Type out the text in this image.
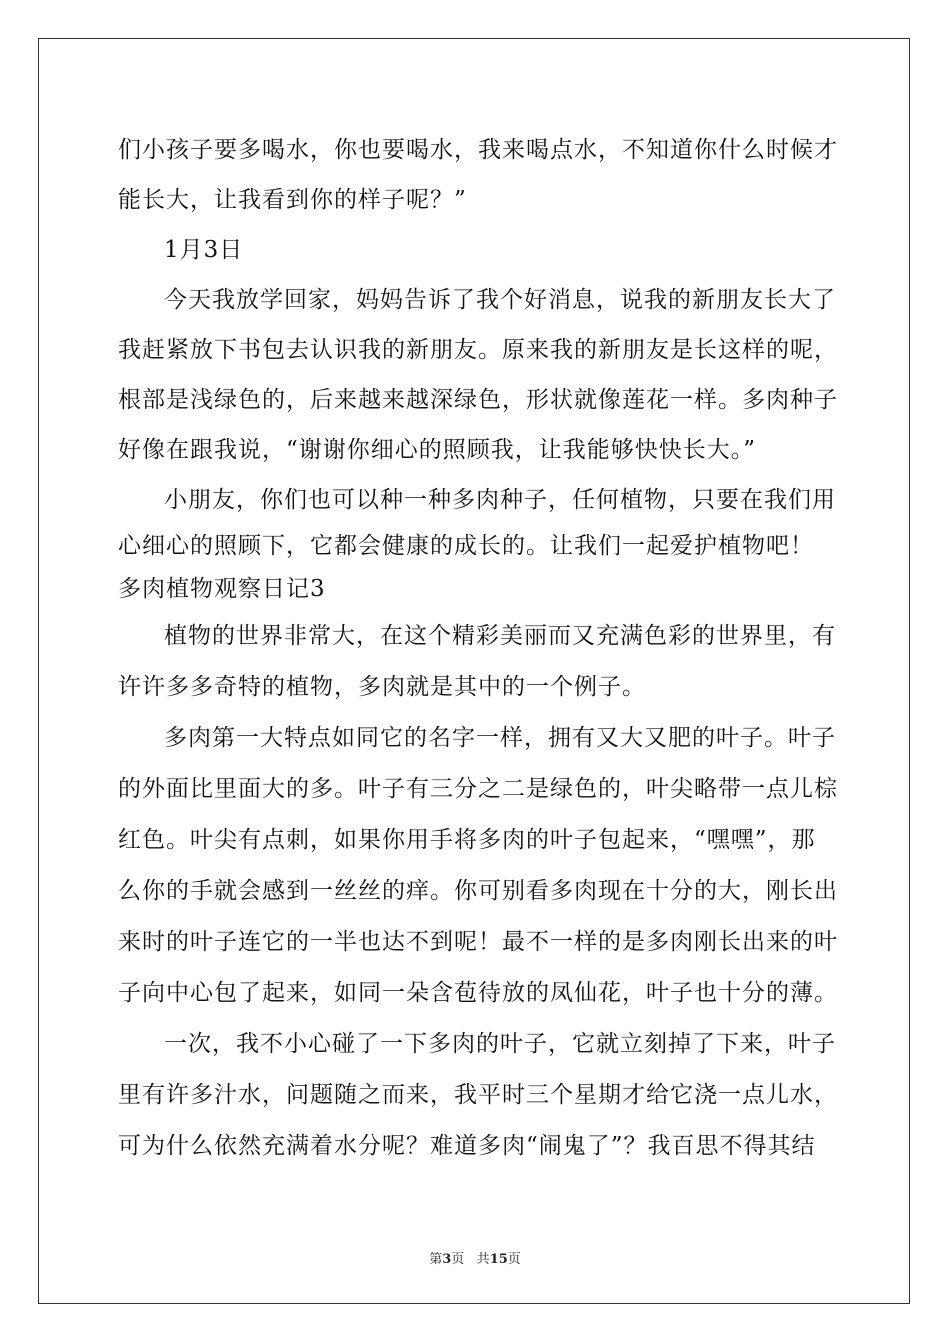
们小孩子要多喝水，你也要喝水，我来喝点水，不知道你什么时候才
能长大，让我看到你的样子呢？”
1月3日
今天我放学回家，妈妈告诉了我个好消息，说我的新朋友长大了
我赶紧放下书包去认识我的新朋友。原来我的新朋友是长这样的呢，
根部是浅绿色的，后来越来越深绿色，形状就像莲花一样。多肉种子
好像在跟我说，“谢谢你细心的照顾我，让我能够快快长大。”
小朋友，你们也可以种一种多肉种子，任何植物，只要在我们用
心细心的照顾下，它都会健康的成长的。让我们一起爱护植物吧！
多肉植物观察日记3
植物的世界非常大，在这个精彩美丽而又充满色彩的世界里，有
许许多多奇特的植物，多肉就是其中的一个例子。
多肉第一大特点如同它的名字一样，拥有又大又肥的叶子。叶子
的外面比里面大的多。叶子有三分之二是绿色的，叶尖略带一点儿棕
红色。叶尖有点刺，如果你用手将多肉的叶子包起来，“嘿嘿”，那
么你的手就会感到一丝丝的痒。你可别看多肉现在十分的大，刚长出
来时的叶子连它的一半也达不到呢！最不一样的是多肉刚长出来的叶
子向中心包了起来，如同一朵含苞待放的凤仙花，叶子也十分的薄。
一次，我不小心碰了一下多肉的叶子，它就立刻掉了下来，叶子
里有许多汁水，问题随之而来，我平时三个星期才给它浇一点儿水，
可为什么依然充满着水分呢？难道多肉“闹鬼了”？我百思不得其结
第3页 共15页
